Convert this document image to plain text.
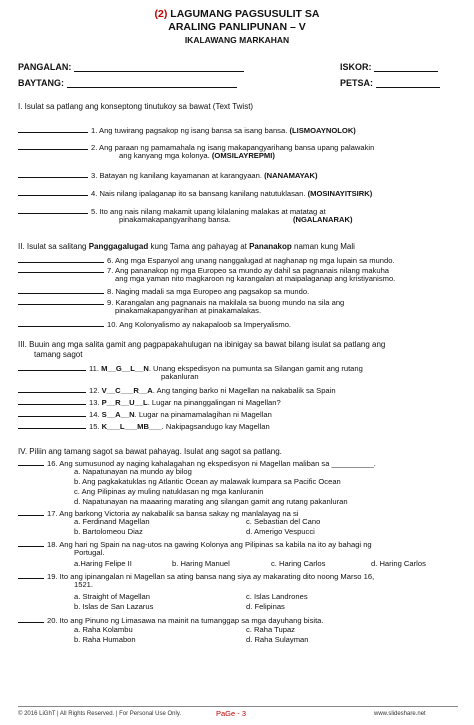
(2) LAGUMANG PAGSUSULIT SA
ARALING PANLIPUNAN – V
IKALAWANG MARKAHAN
PANGALAN:	ISKOR:
BAYTANG:	PETSA:
I. Isulat sa patlang ang konseptong tinutukoy sa bawat (Text Twist)
1. Ang tuwirang pagsakop ng isang bansa sa isang bansa. (LISMOAYNOLOK)
2. Ang paraan ng pamamahala ng isang makapangyarihang bansa upang palawakin
ang kanyang mga kolonya. (OMSILAYREPMI)
3. Batayan ng kanilang kayamanan at karangyaan. (NANAMAYAK)
4. Nais nilang ipalaganap ito sa bansang kanilang natutuklasan. (MOSINAYITSIRK)
5. Ito ang nais nilang makamit upang kilalaning malakas at matatag at
pinakamakapangyarihang bansa.	(NGALANARAK)
II. Isulat sa salitang Panggagalugad kung Tama ang pahayag at Pananakop naman kung Mali
6. Ang mga Espanyol ang unang nanggalugad at naghanap ng mga lupain sa mundo.
7. Ang pananakop ng mga Europeo sa mundo ay dahil sa pagnanais nilang makuha
ang mga yaman nito magkaroon ng karangalan at maipalaganap ang kristiyanismo.
8. Naging madali sa mga Europeo ang pagsakop sa mundo.
9. Karangalan ang pagnanais na makilala sa buong mundo na sila ang
pinakamakapangyarihan at pinakamalakas.
10. Ang Kolonyalismo ay nakapaloob sa Imperyalismo.
III. Buuin ang mga salita gamit ang pagpapakahulugan na ibinigay sa bawat bilang isulat sa patlang ang
tamang sagot
11. M__G__L__N. Unang ekspedisyon na pumunta sa Silangan gamit ang rutang
pakanluran
12. V__C___R__A. Ang tanging barko ni Magellan na nakabalik sa Spain
13. P__R__U__L. Lugar na pinanggalingan ni Magellan?
14. S__A__N. Lugar na pinamamalagihan ni Magellan
15. K___L___MB___. Nakipagsandugo kay Magellan
IV. Piliin ang tamang sagot sa bawat pahayag. Isulat ang sagot sa patlang.
16. Ang sumusunod ay naging kahalagahan ng ekspedisyon ni Magellan maliban sa __________.
a. Napatunayan na mundo ay bilog
b. Ang pagkakatuklas ng Atlantic Ocean ay malawak kumpara sa Pacific Ocean
c. Ang Pilipinas ay muling natuklasan ng mga kanluranin
d. Napatunayan na maaaring marating ang silangan gamit ang rutang pakanluran
17. Ang barkong Victoria ay nakabalik sa bansa sakay ng manlalayag na si
a. Ferdinand Magellan	c. Sebastian del Cano
b. Bartolomeou Diaz	d. Amerigo Vespucci
18. Ang hari ng Spain na nag-utos na gawing Kolonya ang Pilipinas sa kabila na ito ay bahagi ng
Portugal.
a.Haring Felipe II	b. Haring Manuel	c. Haring Carlos	d. Haring Carlos
19. Ito ang ipinangalan ni Magellan sa ating bansa nang siya ay makarating dito noong Marso 16,
1521.
a. Straight of Magellan	c. Islas Landrones
b. Islas de San Lazarus	d. Felipinas
20. Ito ang Pinuno ng Limasawa na mainit na tumanggap sa mga dayuhang bisita.
a. Raha Kolambu	c. Raha Tupaz
b. Raha Humabon	d. Raha Sulayman
© 2016 LiGhT | All Rights Reserved. | For Personal Use Only.	PaGe - 3	www.slideshare.net
